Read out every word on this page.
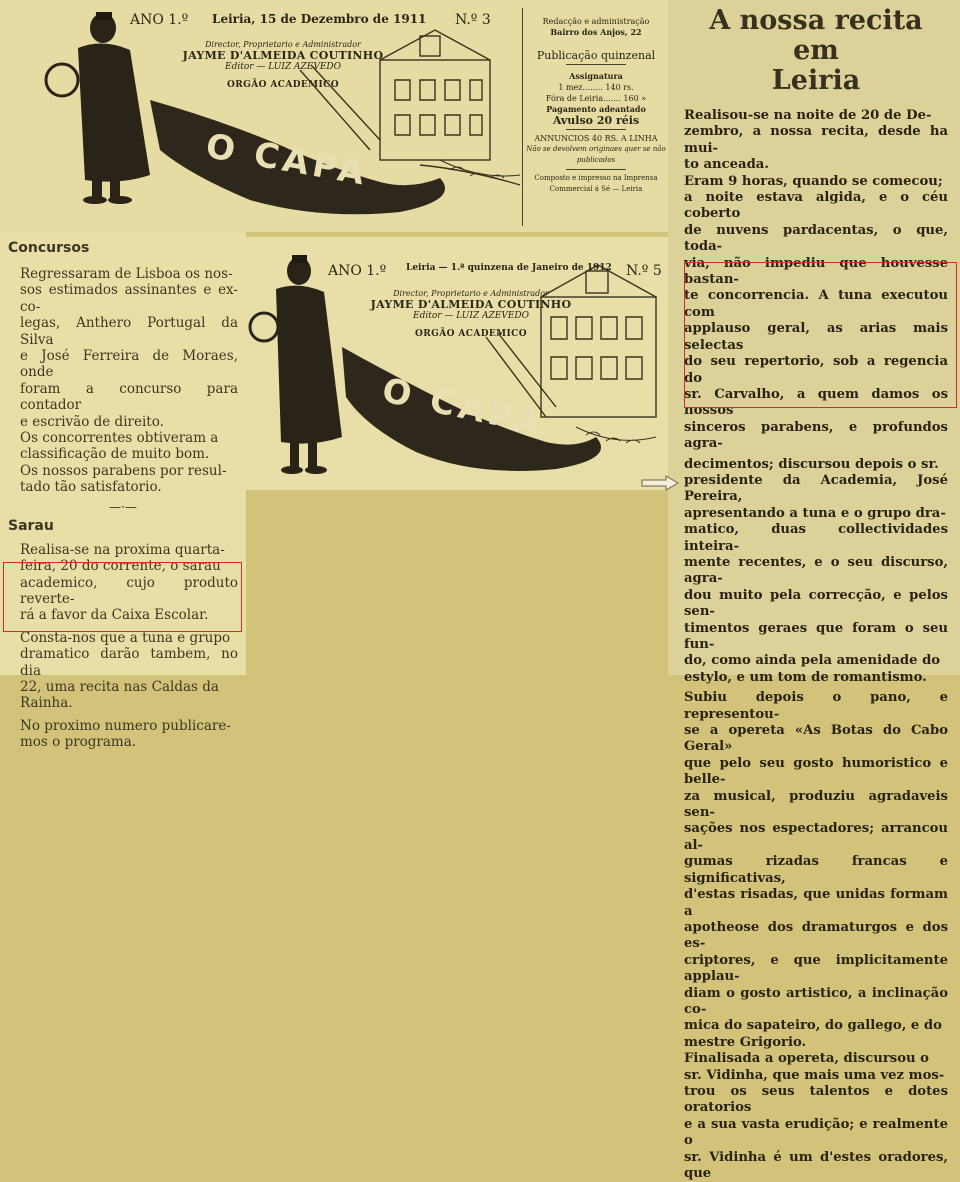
ANO 1.º Leiria, 15 de Dezembro de 1911 N.º 3
Director, Proprietario e Administrador
JAYME D'ALMEIDA COUTINHO
Editor — LUIZ AZEVEDO
ORGÃO ACADEMICO
O CAPA
Redacção e administração
Bairro dos Anjos, 22
Publicação quinzenal
Assignatura
1 mez........ 140 rs.
Fóra de Leiria....... 160 »
Pagamento adeantado
Avulso 20 réis
ANNUNCIOS 40 RS. A LINHA
Não se devolvem originaes quer se não publicados
Composto e impresso na Imprensa Commercial á Sé — Leiria
A nossa recita em
Leiria
Realisou-se na noite de 20 de De-
zembro, a nossa recita, desde ha mui-
to anceada.
Eram 9 horas, quando se comecou;
a noite estava algida, e o céu coberto
de nuvens pardacentas, o que, toda-
via, não impediu que houvesse bastan-
te concorrencia. A tuna executou com
applauso geral, as arias mais selectas
do seu repertorio, sob a regencia do
sr. Carvalho, a quem damos os nossos
sinceros parabens, e profundos agra-
decimentos; discursou depois o sr.
presidente da Academia, José Pereira,
apresentando a tuna e o grupo dra-
matico, duas collectividades inteira-
mente recentes, e o seu discurso, agra-
dou muito pela correcção, e pelos sen-
timentos geraes que foram o seu fun-
do, como ainda pela amenidade do
estylo, e um tom de romantismo.
Subiu depois o pano, e representou-
se a opereta «As Botas do Cabo Geral»
que pelo seu gosto humoristico e belle-
za musical, produziu agradaveis sen-
sações nos espectadores; arrancou al-
gumas rizadas francas e significativas,
d'estas risadas, que unidas formam a
apotheose dos dramaturgos e dos es-
criptores, e que implicitamente applau-
diam o gosto artistico, a inclinação co-
mica do sapateiro, do gallego, e do
mestre Grigorio.
Finalisada a opereta, discursou o
sr. Vidinha, que mais uma vez mos-
trou os seus talentos e dotes oratorios
e a sua vasta erudição; e realmente o
sr. Vidinha é um d'estes oradores, que
Concursos
Regressaram de Lisboa os nos-
sos estimados assinantes e ex-co-
legas, Anthero Portugal da Silva
e José Ferreira de Moraes, onde
foram a concurso para contador
e escrivão de direito.
Os concorrentes obtiveram a
classificação de muito bom.
Os nossos parabens por resul-
tado tão satisfatorio.
—·—
Sarau
Realisa-se na proxima quarta-
feira, 20 do corrente, o sarau
academico, cujo produto reverte-
rá a favor da Caixa Escolar.
Consta-nos que a tuna e grupo
dramatico darão tambem, no dia
22, uma recita nas Caldas da
Rainha.
No proximo numero publicare-
mos o programa.
ANO 1.º Leiria — 1.ª quinzena de Janeiro de 1912 N.º 5
Director, Proprietario e Administrador
JAYME D'ALMEIDA COUTINHO
Editor — LUIZ AZEVEDO
ORGÃO ACADEMICO
O CAPA
